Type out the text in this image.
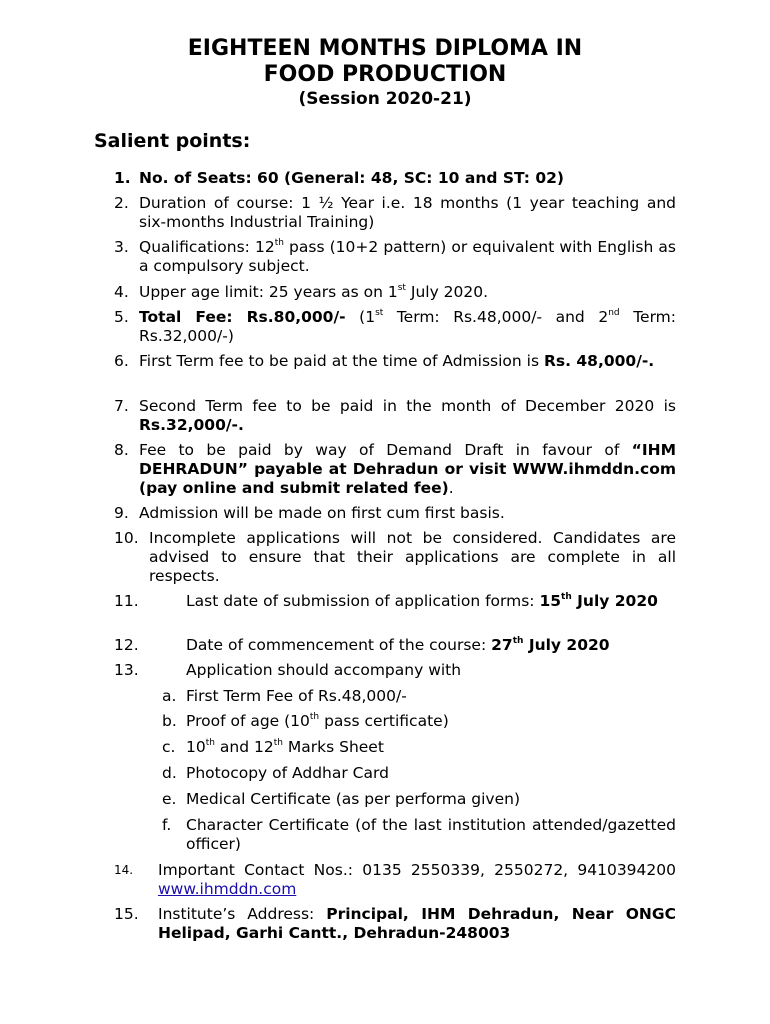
EIGHTEEN MONTHS DIPLOMA IN
FOOD PRODUCTION
(Session 2020-21)
Salient points:
1. No. of Seats: 60 (General: 48, SC: 10 and ST: 02)
2. Duration of course: 1 ½ Year i.e. 18 months (1 year teaching and six-months Industrial Training)
3. Qualifications: 12th pass (10+2 pattern) or equivalent with English as a compulsory subject.
4. Upper age limit: 25 years as on 1st July 2020.
5. Total Fee: Rs.80,000/- (1st Term: Rs.48,000/- and 2nd Term: Rs.32,000/-)
6. First Term fee to be paid at the time of Admission is Rs. 48,000/-.
7. Second Term fee to be paid in the month of December 2020 is Rs.32,000/-.
8. Fee to be paid by way of Demand Draft in favour of “IHM DEHRADUN” payable at Dehradun or visit WWW.ihmddn.com (pay online and submit related fee).
9. Admission will be made on first cum first basis.
10. Incomplete applications will not be considered. Candidates are advised to ensure that their applications are complete in all respects.
11.	Last date of submission of application forms: 15th July 2020
12.	Date of commencement of the course: 27th July 2020
13.	Application should accompany with
a. First Term Fee of Rs.48,000/-
b. Proof of age (10th pass certificate)
c. 10th and 12th Marks Sheet
d. Photocopy of Addhar Card
e. Medical Certificate (as per performa given)
f. Character Certificate (of the last institution attended/gazetted officer)
14. Important Contact Nos.: 0135 2550339, 2550272, 9410394200 www.ihmddn.com
15. Institute’s Address: Principal, IHM Dehradun, Near ONGC Helipad, Garhi Cantt., Dehradun-248003
